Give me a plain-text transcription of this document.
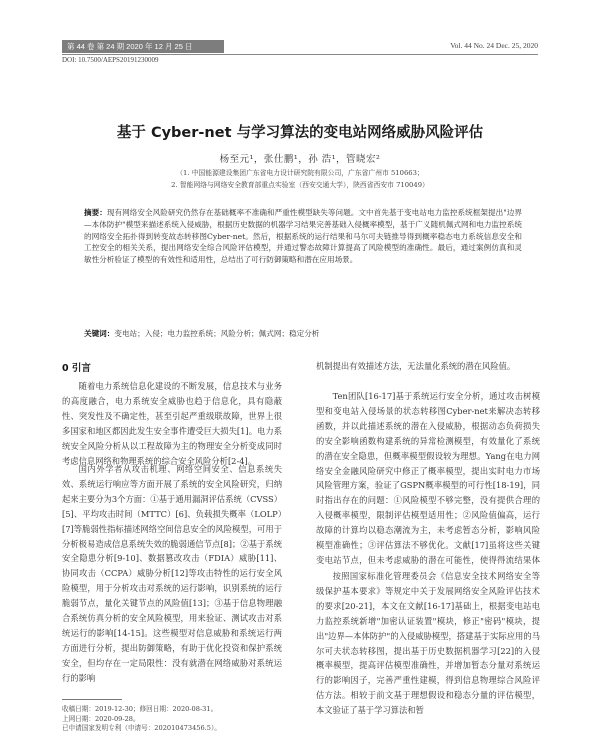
第 44 卷 第 24 期 2020 年 12 月 25 日	Vol. 44 No. 24 Dec. 25, 2020
DOI: 10.7500/AEPS20191230009
基于 Cyber-net 与学习算法的变电站网络威胁风险评估
杨至元¹，张仕鹏¹，孙 浩¹，管晓宏²
（1. 中国能源建设集团广东省电力设计研究院有限公司，广东省广州市 510663；
2. 智能网络与网络安全教育部重点实验室（西安交通大学），陕西省西安市 710049）

摘要：现有网络安全风险研究仍然存在基础概率不准确和严重性模型缺失等问题。文中首先基于变电站电力监控系统框架提出"边界—本体防护"模型来描述系统入侵威胁，根据历史数据的机器学习结果完善基础入侵概率模型，基于广义随机佩式网和电力监控系统的网络安全拓扑得到转变故态转移图Cyber-net。然后，根据系统的运行结果和马尔可夫链推导得到概率稳态电力系统信息安全和工控安全的相关关系，提出网络安全综合风险评估模型，并通过警态故障计算提高了风险模型的准确性。最后，通过案例仿真和灵敏性分析验证了模型的有效性和适用性，总结出了可行防御策略和潜在应用场景。

关键词：变电站；入侵；电力监控系统；风险分析；佩式网；稳定分析

0 引言

随着电力系统信息化建设的不断发展，信息技术与业务的高度融合，电力系统安全威胁也趋于信息化，具有隐蔽性、突发性及不确定性，甚至引起严重级联故障，世界上很多国家和地区都因此发生安全事件遭受巨大损失[1]。电力系统安全风险分析从以工程故障为主的物理安全分析变成同时考虑信息网络和物理系统的综合安全风险分析[2-4]。

国内外学者从攻击机理、网络空间安全、信息系统失效、系统运行响应等方面开展了系统的安全风险研究，归纳起来主要分为3个方面：①基于通用漏洞评估系统（CVSS）[5]、平均攻击时间（MTTC）[6]、负载损失概率（LOLP）[7]等脆弱性指标描述网络空间信息安全的风险模型，可用于分析极易造成信息系统失效的脆弱通信节点[8]；②基于系统安全隐患分析[9-10]、数据篡改攻击（FDIA）威胁[11]、协同攻击（CCPA）威胁分析[12]等攻击特性的运行安全风险模型，用于分析攻击对系统的运行影响，识别系统的运行脆弱节点，量化关键节点的风险值[13]；③基于信息物理融合系统仿真分析的安全风险模型，用来验证、测试攻击对系统运行的影响[14-15]。这些模型对信息威胁和系统运行两方面进行分析，提出防御策略，有助于优化投资和保护系统安全，但均存在一定局限性：没有就潜在网络威胁对系统运行的影响

机制提出有效描述方法，无法量化系统的潜在风险值。

Ten团队[16-17]基于系统运行安全分析，通过攻击树模型和变电站入侵场景的状态转移图Cyber-net来解决态转移函数，并以此描述系统的潜在入侵威胁，根据动态负荷损失的安全影响函数构建系统的异常检测模型，有效量化了系统的潜在安全隐患，但概率模型假设较为理想。Yang在电力网络安全金融风险研究中修正了概率模型，提出实时电力市场风险管理方案，验证了GSPN概率模型的可行性[18-19]，同时指出存在的问题：①风险模型不够完整，没有提供合理的入侵概率模型，限制评估模型适用性；②风险值偏高，运行故障的计算均以稳态潮流为主，未考虑暂态分析，影响风险模型准确性；③评估算法不够优化。文献[17]虽将这些关键变电站节点，但未考虑威胁的潜在可能性，使得得流结果体

按照国家标准化管理委员会《信息安全技术网络安全等级保护基本要求》等规定中关于发展网络安全风险评估技术的要求[20-21]，本文在文献[16-17]基础上，根据变电站电力监控系统新增"加密认证装置"模块，修正"密码"模块，提出"边界—本体防护"的入侵威胁模型，搭建基于实际应用的马尔可夫状态转移图，提出基于历史数据机器学习[22]的入侵概率模型，提高评估模型准确性，并增加暂态分量对系统运行的影响因子，完善严重性建模，得到信息物理综合风险评估方法。相较于前文基于理想假设和稳态分量的评估模型，本文验证了基于学习算法和暂

收稿日期：2019-12-30；修回日期：2020-08-31。
上网日期：2020-09-28。
已申请国家发明专利（申请号：202010473456.5）。
